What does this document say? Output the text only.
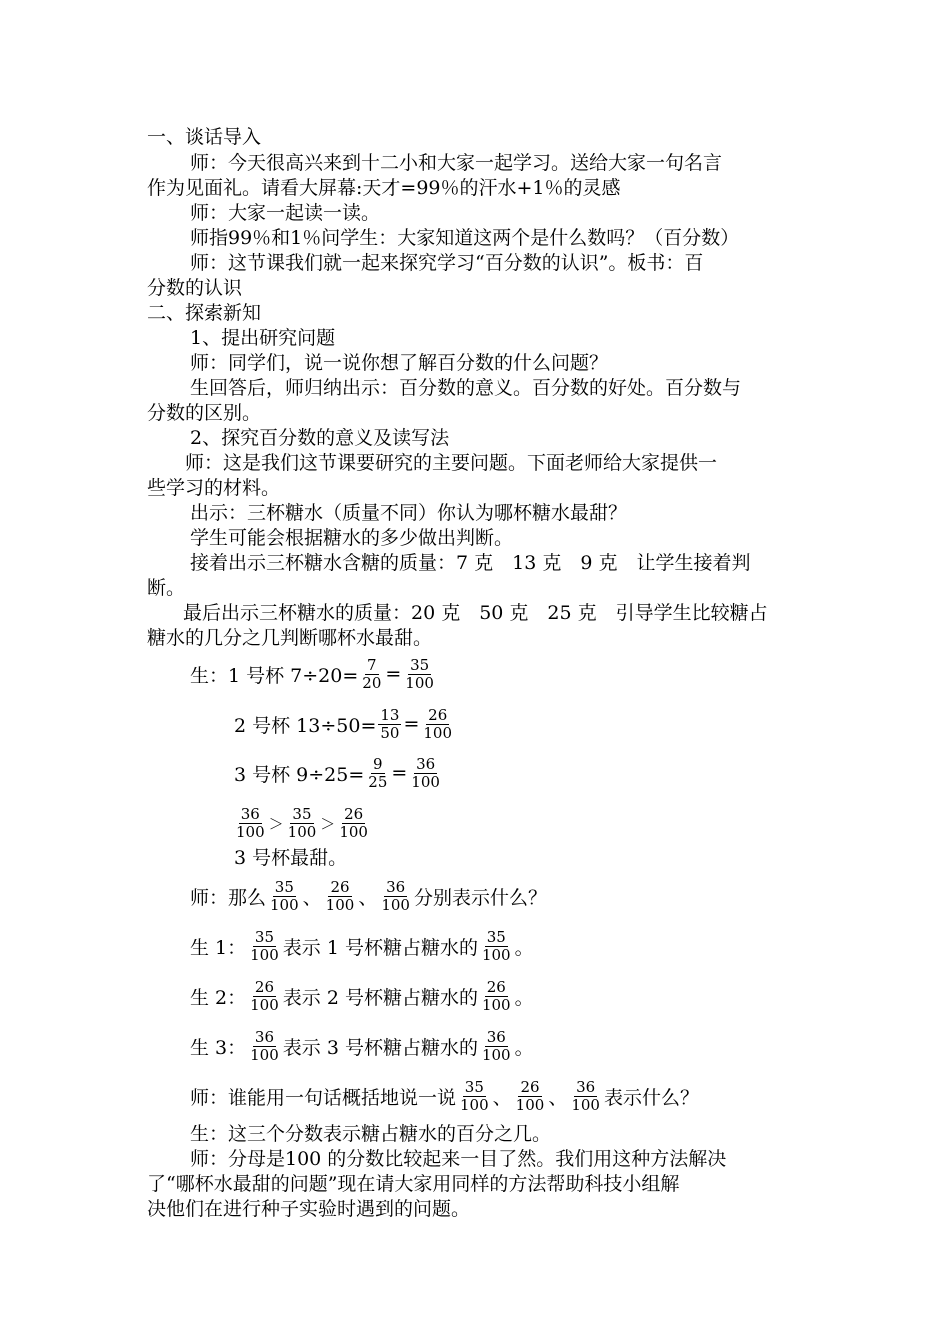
一、谈话导入
师：今天很高兴来到十二小和大家一起学习。送给大家一句名言
作为见面礼。请看大屏幕:天才=99％的汗水+1％的灵感
师：大家一起读一读。
师指99％和1％问学生：大家知道这两个是什么数吗？（百分数）
师：这节课我们就一起来探究学习“百分数的认识”。板书：百
分数的认识
二、探索新知
1、提出研究问题
师：同学们，说一说你想了解百分数的什么问题？
生回答后，师归纳出示：百分数的意义。百分数的好处。百分数与
分数的区别。
2、探究百分数的意义及读写法
师：这是我们这节课要研究的主要问题。下面老师给大家提供一
些学习的材料。
出示：三杯糖水（质量不同）你认为哪杯糖水最甜？
学生可能会根据糖水的多少做出判断。
接着出示三杯糖水含糖的质量：7 克　13 克　9 克　让学生接着判
断。
最后出示三杯糖水的质量：20 克　50 克　25 克　引导学生比较糖占
糖水的几分之几判断哪杯水最甜。
生：1 号杯 $7\div 20= \frac{7}{20} = \frac{35}{100}$
2 号杯 $13\div 50= \frac{13}{50} = \frac{26}{100}$
3 号杯 $9\div 25= \frac{9}{25} = \frac{36}{100}$
$\frac{36}{100} > \frac{35}{100} > \frac{26}{100}$
3 号杯最甜。
师：那么 $\frac{35}{100}$ 、 $\frac{26}{100}$ 、 $\frac{36}{100}$ 分别表示什么？
生 1： $\frac{35}{100}$ 表示 1 号杯糖占糖水的 $\frac{35}{100}$ 。
生 2： $\frac{26}{100}$ 表示 2 号杯糖占糖水的 $\frac{26}{100}$ 。
生 3： $\frac{36}{100}$ 表示 3 号杯糖占糖水的 $\frac{36}{100}$ 。
师：谁能用一句话概括地说一说 $\frac{35}{100}$ 、 $\frac{26}{100}$ 、 $\frac{36}{100}$ 表示什么？
生：这三个分数表示糖占糖水的百分之几。
师：分母是100 的分数比较起来一目了然。我们用这种方法解决
了“哪杯水最甜的问题”现在请大家用同样的方法帮助科技小组解
决他们在进行种子实验时遇到的问题。
